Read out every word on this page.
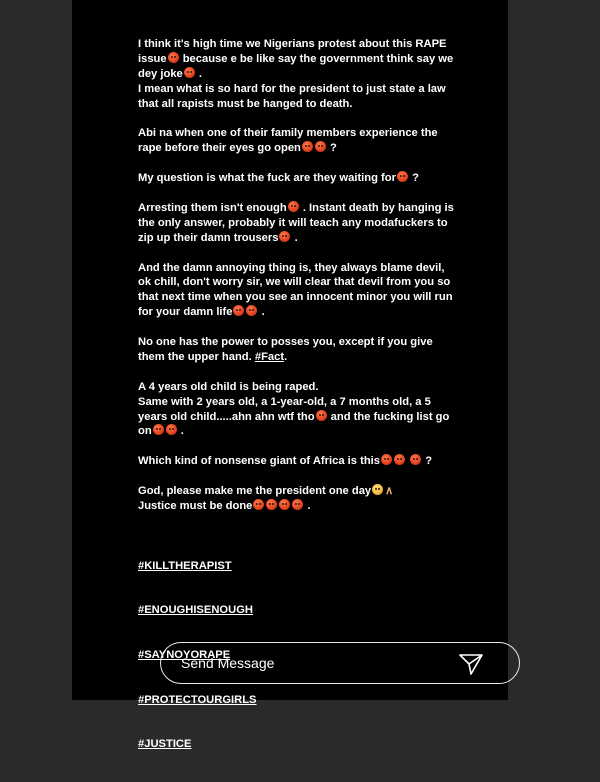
I think it's high time we Nigerians protest about this RAPE issue because e be like say the government think say we dey joke .
I mean what is so hard for the president to just state a law that all rapists must be hanged to death.

Abi na when one of their family members experience the rape before their eyes go open ?

My question is what the fuck are they waiting for ?

Arresting them isn't enough . Instant death by hanging is the only answer, probably it will teach any modafuckers to zip up their damn trousers .

And the damn annoying thing is, they always blame devil, ok chill, don't worry sir, we will clear that devil from you so that next time when you see an innocent minor you will run for your damn life .

No one has the power to posses you, except if you give them the upper hand. #Fact.

A 4 years old child is being raped.
Same with 2 years old, a 1-year-old, a 7 months old, a 5 years old child.....ahn ahn wtf tho and the fucking list go on .

Which kind of nonsense giant of Africa is this	?

God, please make me the president one day ∧
Justice must be done	.

#KILLTHERAPIST

#ENOUGHISENOUGH

#SAYNOYORAPE

#PROTECTOURGIRLS

#JUSTICE

Send Message
